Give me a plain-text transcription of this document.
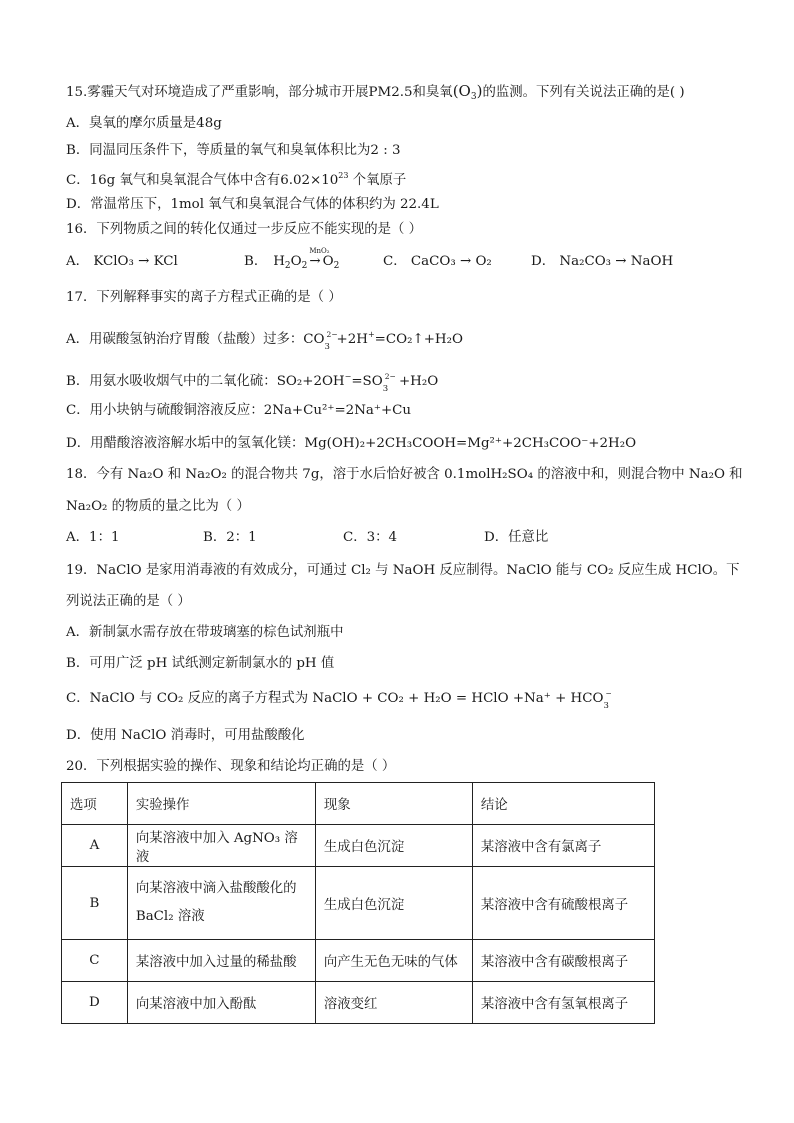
15.雾霾天气对环境造成了严重影响，部分城市开展PM2.5和臭氧$(O_3)$的监测。下列有关说法正确的是( )
A．臭氧的摩尔质量是48g
B．同温同压条件下，等质量的氧气和臭氧体积比为2 : 3
C．16g 氧气和臭氧混合气体中含有$6.02\times 10^{23}$ 个氧原子
D．常温常压下，1mol 氧气和臭氧混合气体的体积约为 22.4L
16．下列物质之间的转化仅通过一步反应不能实现的是（ ）
A． KClO₃ → KCl	B． $H_2O_2$
MnO₂
→ $O_2$	C． CaCO₃ → O₂	D． Na₂CO₃ → NaOH
17．下列解释事实的离子方程式正确的是（ ）
A．用碳酸氢钠治疗胃酸（盐酸）过多：CO 2−
3 +2H+=CO₂↑+H₂O
B．用氨水吸收烟气中的二氧化硫：SO₂+2OH−=SO 2−
3 +H₂O
C．用小块钠与硫酸铜溶液反应：2Na+Cu²⁺=2Na⁺+Cu
D．用醋酸溶液溶解水垢中的氢氧化镁：Mg(OH)₂+2CH₃COOH=Mg²⁺+2CH₃COO⁻+2H₂O
18．今有 Na₂O 和 Na₂O₂ 的混合物共 7g，溶于水后恰好被含 0.1molH₂SO₄ 的溶液中和，则混合物中 Na₂O 和
Na₂O₂ 的物质的量之比为（ ）
A．1：1	B．2：1	C．3：4	D．任意比
19．NaClO 是家用消毒液的有效成分，可通过 Cl₂ 与 NaOH 反应制得。NaClO 能与 CO₂ 反应生成 HClO。下
列说法正确的是（ ）
A．新制氯水需存放在带玻璃塞的棕色试剂瓶中
B．可用广泛 pH 试纸测定新制氯水的 pH 值
C．NaClO 与 CO₂ 反应的离子方程式为 NaClO + CO₂ + H₂O = HClO +Na⁺ + HCO −
3
D．使用 NaClO 消毒时，可用盐酸酸化
20．下列根据实验的操作、现象和结论均正确的是（ ）
选项	实验操作	现象	结论
A	向某溶液中加入 AgNO₃ 溶液	生成白色沉淀	某溶液中含有氯离子
B	向某溶液中滴入盐酸酸化的 BaCl₂ 溶液	生成白色沉淀	某溶液中含有硫酸根离子
C	某溶液中加入过量的稀盐酸	向产生无色无味的气体	某溶液中含有碳酸根离子
D	向某溶液中加入酚酞	溶液变红	某溶液中含有氢氧根离子
